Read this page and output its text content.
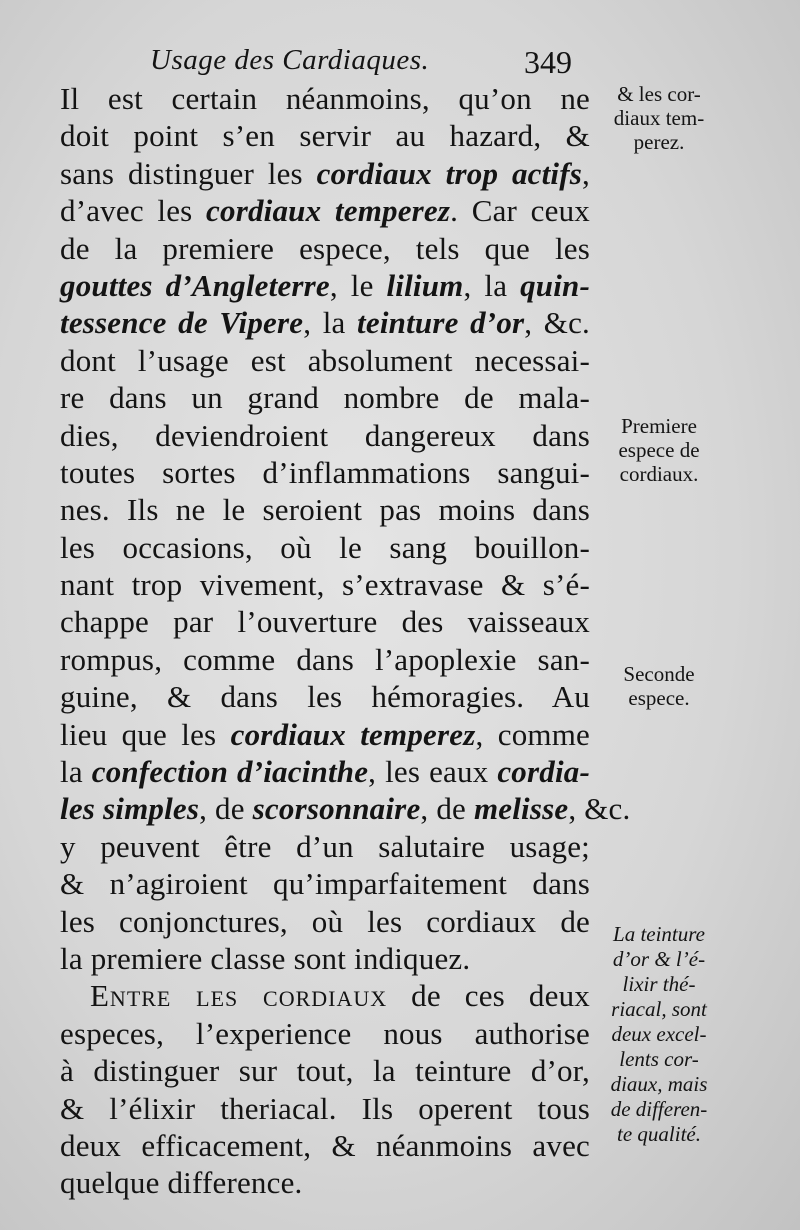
Usage des Cardiaques.	349
Il est certain néanmoins, qu’on ne
doit point s’en servir au hazard, &
sans distinguer les cordiaux trop actifs,
d’avec les cordiaux temperez. Car ceux
de la premiere espece, tels que les
gouttes d’Angleterre, le lilium, la quin-
tessence de Vipere, la teinture d’or, &c.
dont l’usage est absolument necessai-
re dans un grand nombre de mala-
dies, deviendroient dangereux dans
toutes sortes d’inflammations sangui-
nes. Ils ne le seroient pas moins dans
les occasions, où le sang bouillon-
nant trop vivement, s’extravase & s’é-
chappe par l’ouverture des vaisseaux
rompus, comme dans l’apoplexie san-
guine, & dans les hémoragies. Au
lieu que les cordiaux temperez, comme
la confection d’iacinthe, les eaux cordia-
les simples, de scorsonnaire, de melisse, &c.
y peuvent être d’un salutaire usage;
& n’agiroient qu’imparfaitement dans
les conjonctures, où les cordiaux de
la premiere classe sont indiquez.
Entre les cordiaux de ces deux
especes, l’experience nous authorise
à distinguer sur tout, la teinture d’or,
& l’élixir theriacal. Ils operent tous
deux efficacement, & néanmoins avec
quelque difference.
& les cor-
diaux tem-
perez.
Premiere
espece de
cordiaux.
Seconde
espece.
La teinture
d’or & l’é-
lixir thé-
riacal, sont
deux excel-
lents cor-
diaux, mais
de differen-
te qualité.
